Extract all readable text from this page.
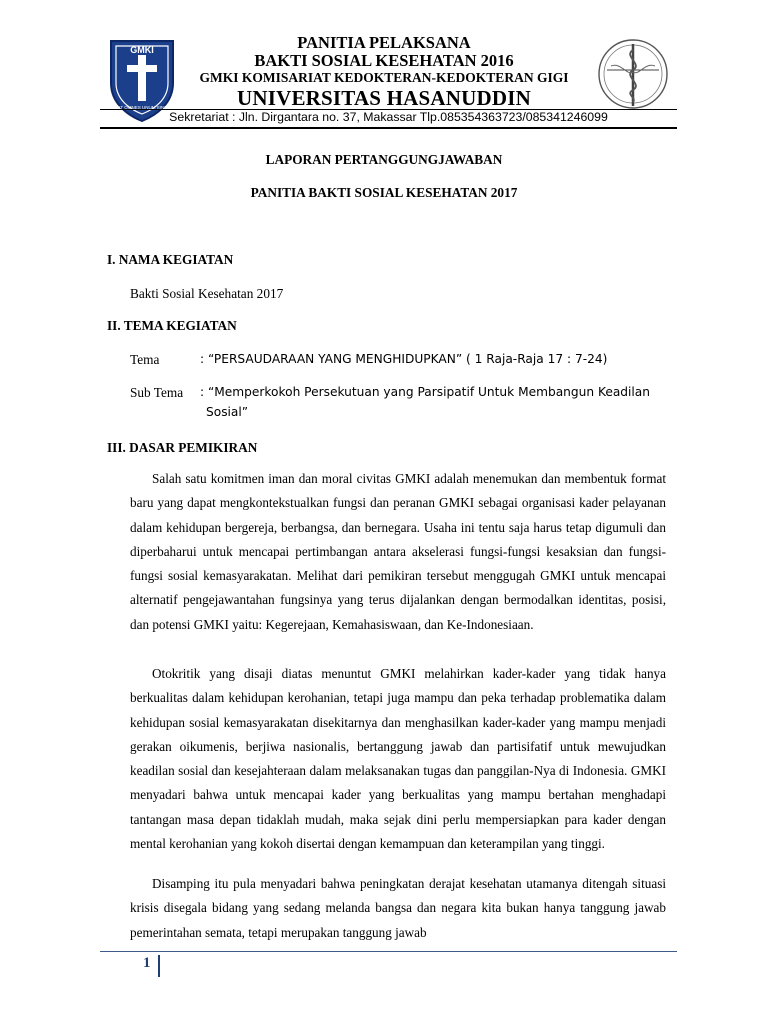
GMKI
UT OMNES UNUM SINT
PANITIA PELAKSANA
BAKTI SOSIAL KESEHATAN 2016
GMKI KOMISARIAT KEDOKTERAN-KEDOKTERAN GIGI
UNIVERSITAS HASANUDDIN
Sekretariat : Jln. Dirgantara no. 37, Makassar Tlp.085354363723/085341246099
LAPORAN PERTANGGUNGJAWABAN
PANITIA BAKTI SOSIAL KESEHATAN 2017
I. NAMA KEGIATAN
Bakti Sosial Kesehatan 2017
II. TEMA KEGIATAN
Tema	: “PERSAUDARAAN YANG MENGHIDUPKAN” ( 1 Raja-Raja 17 : 7-24)
Sub Tema : “Memperkokoh Persekutuan yang Parsipatif Untuk Membangun Keadilan
Sosial”
III. DASAR PEMIKIRAN
Salah satu komitmen iman dan moral civitas GMKI adalah menemukan dan membentuk format baru yang dapat mengkontekstualkan fungsi dan peranan GMKI sebagai organisasi kader pelayanan dalam kehidupan bergereja, berbangsa, dan bernegara. Usaha ini tentu saja harus tetap digumuli dan diperbaharui untuk mencapai pertimbangan antara akselerasi fungsi-fungsi kesaksian dan fungsi-fungsi sosial kemasyarakatan. Melihat dari pemikiran tersebut menggugah GMKI untuk mencapai alternatif pengejawantahan fungsinya yang terus dijalankan dengan bermodalkan identitas, posisi, dan potensi GMKI yaitu: Kegerejaan, Kemahasiswaan, dan Ke-Indonesiaan.
Otokritik yang disaji diatas menuntut GMKI melahirkan kader-kader yang tidak hanya berkualitas dalam kehidupan kerohanian, tetapi juga mampu dan peka terhadap problematika dalam kehidupan sosial kemasyarakatan disekitarnya dan menghasilkan kader-kader yang mampu menjadi gerakan oikumenis, berjiwa nasionalis, bertanggung jawab dan partisifatif untuk mewujudkan keadilan sosial dan kesejahteraan dalam melaksanakan tugas dan panggilan-Nya di Indonesia. GMKI menyadari bahwa untuk mencapai kader yang berkualitas yang mampu bertahan menghadapi tantangan masa depan tidaklah mudah, maka sejak dini perlu mempersiapkan para kader dengan mental kerohanian yang kokoh disertai dengan kemampuan dan keterampilan yang tinggi.
Disamping itu pula menyadari bahwa peningkatan derajat kesehatan utamanya ditengah situasi krisis disegala bidang yang sedang melanda bangsa dan negara kita bukan hanya tanggung jawab pemerintahan semata, tetapi merupakan tanggung jawab
1
